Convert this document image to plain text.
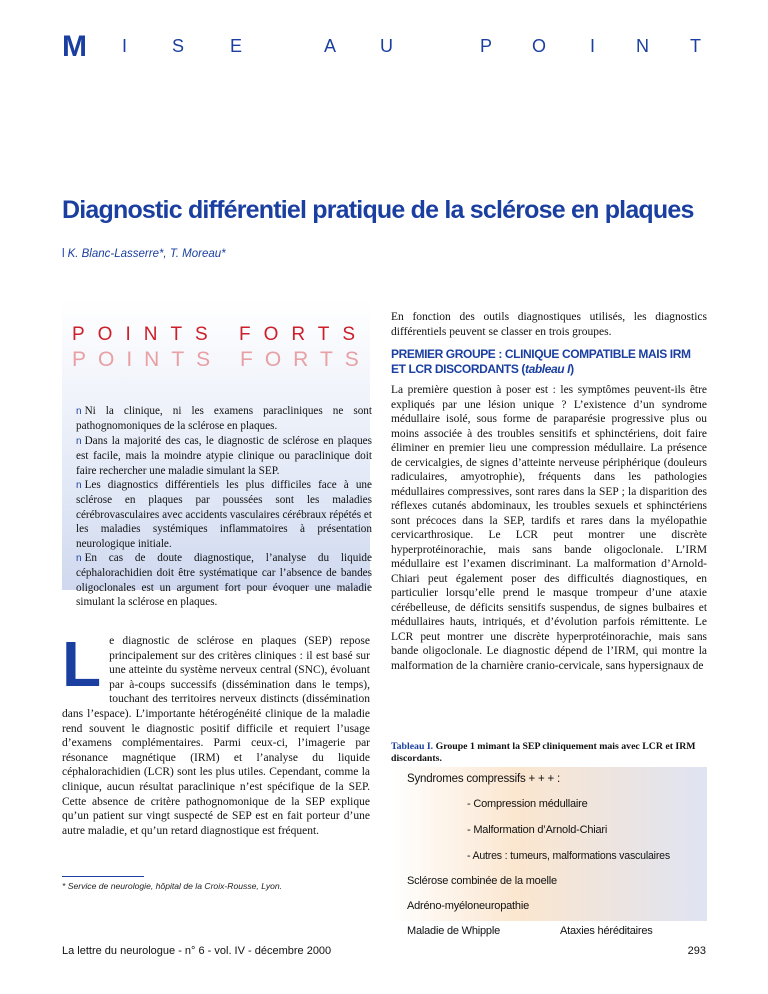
M I S	E	A U	P O I N T
Diagnostic différentiel pratique de la sclérose en plaques
l K. Blanc-Lasserre*, T. Moreau*
POINTS FORTS
POINTS FORTS

n Ni la clinique, ni les examens paracliniques ne sont pathognomoniques de la sclérose en plaques.

n Dans la majorité des cas, le diagnostic de sclérose en plaques est facile, mais la moindre atypie clinique ou paraclinique doit faire rechercher une maladie simulant la SEP.

n Les diagnostics différentiels les plus difficiles face à une sclérose en plaques par poussées sont les maladies cérébrovasculaires avec accidents vasculaires cérébraux répétés et les maladies systémiques inflammatoires à présentation neurologique initiale.

n En cas de doute diagnostique, l’analyse du liquide céphalorachidien doit être systématique car l’absence de bandes oligoclonales est un argument fort pour évoquer une maladie simulant la sclérose en plaques.

Le diagnostic de sclérose en plaques (SEP) repose principalement sur des critères cliniques : il est basé sur une atteinte du système nerveux central (SNC), évoluant par à-coups successifs (dissémination dans le temps), touchant des territoires nerveux distincts (dissémination dans l’espace). L’importante hétérogénéité clinique de la maladie rend souvent le diagnostic positif difficile et requiert l’usage d’examens complémentaires. Parmi ceux-ci, l’imagerie par résonance magnétique (IRM) et l’analyse du liquide céphalorachidien (LCR) sont les plus utiles. Cependant, comme la clinique, aucun résultat paraclinique n’est spécifique de la SEP. Cette absence de critère pathognomonique de la SEP explique qu’un patient sur vingt suspecté de SEP est en fait porteur d’une autre maladie, et qu’un retard diagnostique est fréquent.
* Service de neurologie, hôpital de la Croix-Rousse, Lyon.

En fonction des outils diagnostiques utilisés, les diagnostics différentiels peuvent se classer en trois groupes.

PREMIER GROUPE : CLINIQUE COMPATIBLE MAIS IRM ET LCR DISCORDANTS (tableau I)

La première question à poser est : les symptômes peuvent-ils être expliqués par une lésion unique ? L’existence d’un syndrome médullaire isolé, sous forme de paraparésie progressive plus ou moins associée à des troubles sensitifs et sphinctériens, doit faire éliminer en premier lieu une compression médullaire. La présence de cervicalgies, de signes d’atteinte nerveuse périphérique (douleurs radiculaires, amyotrophie), fréquents dans les pathologies médullaires compressives, sont rares dans la SEP ; la disparition des réflexes cutanés abdominaux, les troubles sexuels et sphinctériens sont précoces dans la SEP, tardifs et rares dans la myélopathie cervicarthrosique. Le LCR peut montrer une discrète hyperprotéinorachie, mais sans bande oligoclonale. L’IRM médullaire est l’examen discriminant. La malformation d’Arnold-Chiari peut également poser des difficultés diagnostiques, en particulier lorsqu’elle prend le masque trompeur d’une ataxie cérébelleuse, de déficits sensitifs suspendus, de signes bulbaires et médullaires hauts, intriqués, et d’évolution parfois rémittente. Le LCR peut montrer une discrète hyperprotéinorachie, mais sans bande oligoclonale. Le diagnostic dépend de l’IRM, qui montre la malformation de la charnière cranio-cervicale, sans hypersignaux de

Tableau I. Groupe 1 mimant la SEP cliniquement mais avec LCR et IRM discordants.
Syndromes compressifs + + + :
- Compression médullaire
- Malformation d’Arnold-Chiari
- Autres : tumeurs, malformations vasculaires
Sclérose combinée de la moelle
Adréno-myéloneuropathie
Maladie de Whipple	Ataxies héréditaires
La lettre du neurologue - n° 6 - vol. IV - décembre 2000	293
